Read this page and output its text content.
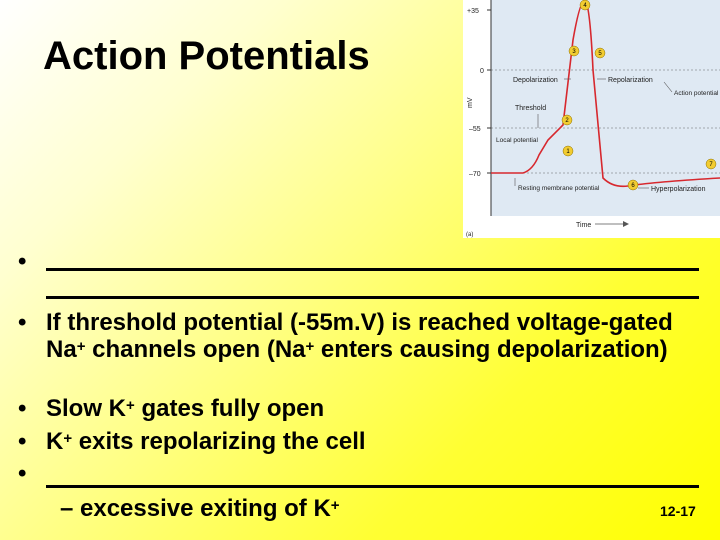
Action Potentials
+35
0
–55
–70
mV
Depolarization	Repolarization
Threshold
Local potential
Resting membrane potential
Action potential
Hyperpolarization
1
2
3
4
5
6
7
Time
(a)
•
• If threshold potential (-55m.V) is reached voltage-gated Na+ channels open (Na+ enters causing depolarization)
• Slow K+ gates fully open
• K+ exits repolarizing the cell
•
– excessive exiting of K+	12-17
